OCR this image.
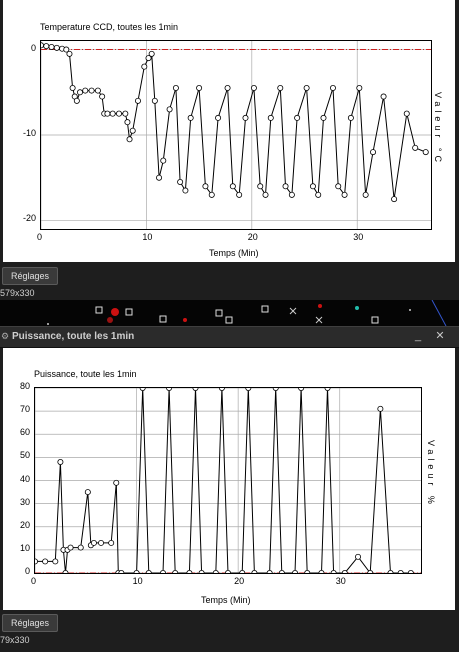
Temperature CCD, toutes les 1min
0	10	20	30
0
-10
-20
Temps (Min)
Valeur °C
Réglages
579x330
⚙ Puissance, toute les 1min	_	✕
Puissance, toute les 1min
0	10	20	30
0
10
20
30
40
50
60
70
80
Temps (Min)
Valeur %
Réglages
79x330
